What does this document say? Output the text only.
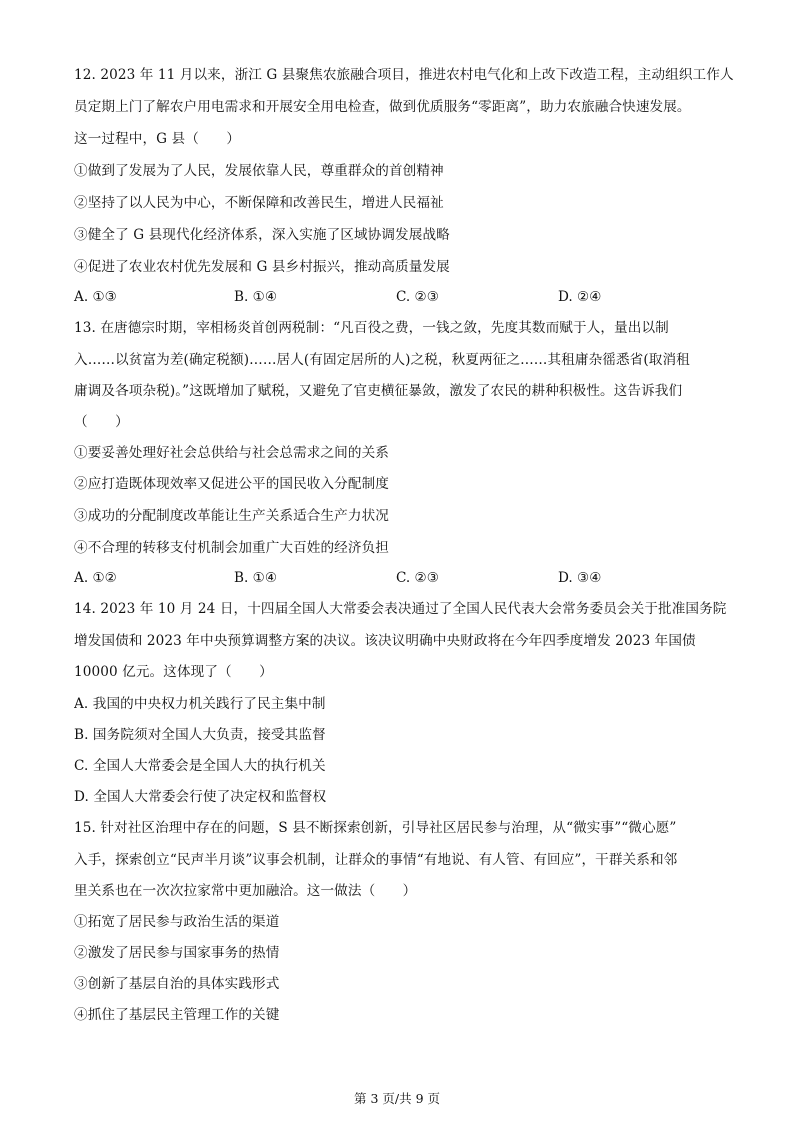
12. 2023 年 11 月以来，浙江 G 县聚焦农旅融合项目，推进农村电气化和上改下改造工程，主动组织工作人
员定期上门了解农户用电需求和开展安全用电检查，做到优质服务“零距离”，助力农旅融合快速发展。
这一过程中，G 县（　　）
①做到了发展为了人民，发展依靠人民，尊重群众的首创精神
②坚持了以人民为中心，不断保障和改善民生，增进人民福祉
③健全了 G 县现代化经济体系，深入实施了区域协调发展战略
④促进了农业农村优先发展和 G 县乡村振兴，推动高质量发展
A. ①③	B. ①④	C. ②③	D. ②④
13. 在唐德宗时期，宰相杨炎首创两税制：“凡百役之费，一钱之敛，先度其数而赋于人，量出以制
入……以贫富为差(确定税额)……居人(有固定居所的人)之税，秋夏两征之……其租庸杂徭悉省(取消租
庸调及各项杂税)。”这既增加了赋税，又避免了官吏横征暴敛，激发了农民的耕种积极性。这告诉我们
（　　）
①要妥善处理好社会总供给与社会总需求之间的关系
②应打造既体现效率又促进公平的国民收入分配制度
③成功的分配制度改革能让生产关系适合生产力状况
④不合理的转移支付机制会加重广大百姓的经济负担
A. ①②	B. ①④	C. ②③	D. ③④
14. 2023 年 10 月 24 日，十四届全国人大常委会表决通过了全国人民代表大会常务委员会关于批准国务院
增发国债和 2023 年中央预算调整方案的决议。该决议明确中央财政将在今年四季度增发 2023 年国债
10000 亿元。这体现了（　　）
A. 我国的中央权力机关践行了民主集中制
B. 国务院须对全国人大负责，接受其监督
C. 全国人大常委会是全国人大的执行机关
D. 全国人大常委会行使了决定权和监督权
15. 针对社区治理中存在的问题，S 县不断探索创新，引导社区居民参与治理，从“微实事”“微心愿”
入手，探索创立“民声半月谈”议事会机制，让群众的事情“有地说、有人管、有回应”，干群关系和邻
里关系也在一次次拉家常中更加融洽。这一做法（　　）
①拓宽了居民参与政治生活的渠道
②激发了居民参与国家事务的热情
③创新了基层自治的具体实践形式
④抓住了基层民主管理工作的关键
第 3 页/共 9 页
